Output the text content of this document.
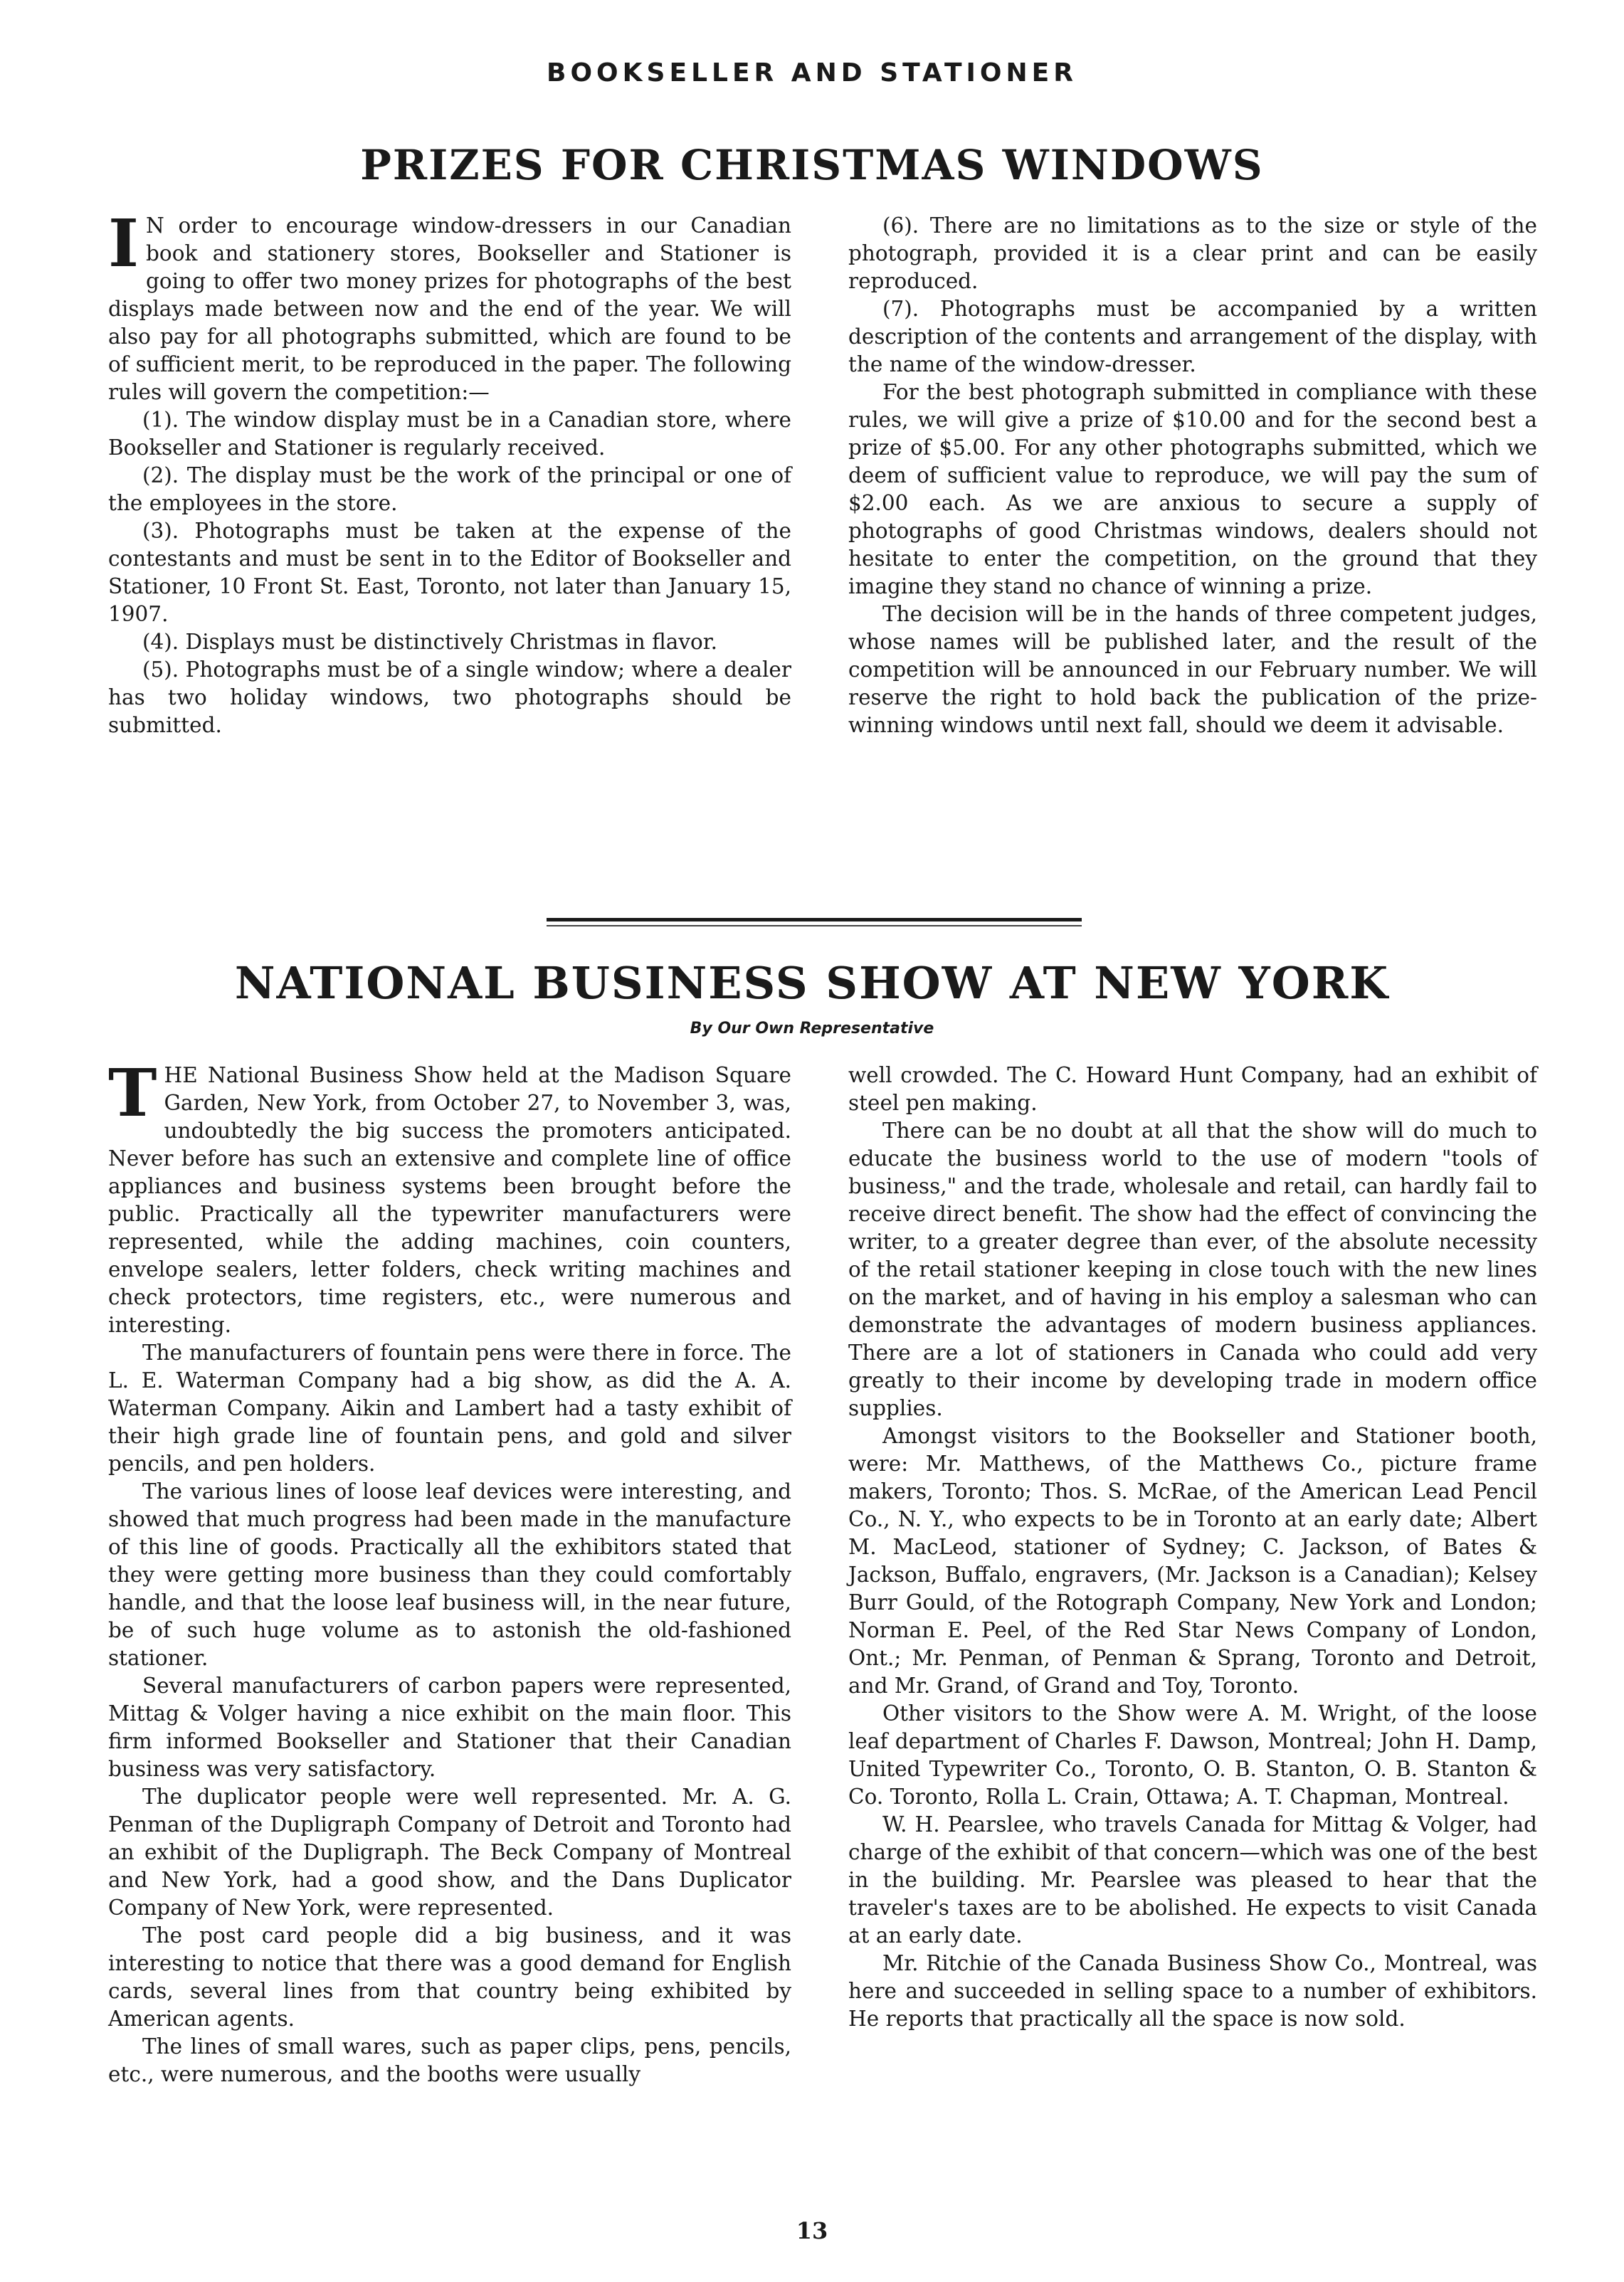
BOOKSELLER AND STATIONER
PRIZES FOR CHRISTMAS WINDOWS

IN order to encourage window-dressers in our Canadian book and stationery stores, Bookseller and Stationer is going to offer two money prizes for photographs of the best displays made between now and the end of the year. We will also pay for all photographs submitted, which are found to be of sufficient merit, to be reproduced in the paper. The following rules will govern the competition:—

(1). The window display must be in a Canadian store, where Bookseller and Stationer is regularly received.

(2). The display must be the work of the principal or one of the employees in the store.

(3). Photographs must be taken at the expense of the contestants and must be sent in to the Editor of Bookseller and Stationer, 10 Front St. East, Toronto, not later than January 15, 1907.

(4). Displays must be distinctively Christmas in flavor.

(5). Photographs must be of a single window; where a dealer has two holiday windows, two photographs should be submitted.

(6). There are no limitations as to the size or style of the photograph, provided it is a clear print and can be easily reproduced.

(7). Photographs must be accompanied by a written description of the contents and arrangement of the display, with the name of the window-dresser.

For the best photograph submitted in compliance with these rules, we will give a prize of $10.00 and for the second best a prize of $5.00. For any other photographs submitted, which we deem of sufficient value to reproduce, we will pay the sum of $2.00 each. As we are anxious to secure a supply of photographs of good Christmas windows, dealers should not hesitate to enter the competition, on the ground that they imagine they stand no chance of winning a prize.

The decision will be in the hands of three competent judges, whose names will be published later, and the result of the competition will be announced in our February number. We will reserve the right to hold back the publication of the prize-winning windows until next fall, should we deem it advisable.

NATIONAL BUSINESS SHOW AT NEW YORK
By Our Own Representative

THE National Business Show held at the Madison Square Garden, New York, from October 27, to November 3, was, undoubtedly the big success the promoters anticipated. Never before has such an extensive and complete line of office appliances and business systems been brought before the public. Practically all the typewriter manufacturers were represented, while the adding machines, coin counters, envelope sealers, letter folders, check writing machines and check protectors, time registers, etc., were numerous and interesting.

The manufacturers of fountain pens were there in force. The L. E. Waterman Company had a big show, as did the A. A. Waterman Company. Aikin and Lambert had a tasty exhibit of their high grade line of fountain pens, and gold and silver pencils, and pen holders.

The various lines of loose leaf devices were interesting, and showed that much progress had been made in the manufacture of this line of goods. Practically all the exhibitors stated that they were getting more business than they could comfortably handle, and that the loose leaf business will, in the near future, be of such huge volume as to astonish the old-fashioned stationer.

Several manufacturers of carbon papers were represented, Mittag & Volger having a nice exhibit on the main floor. This firm informed Bookseller and Stationer that their Canadian business was very satisfactory.

The duplicator people were well represented. Mr. A. G. Penman of the Dupligraph Company of Detroit and Toronto had an exhibit of the Dupligraph. The Beck Company of Montreal and New York, had a good show, and the Dans Duplicator Company of New York, were represented.

The post card people did a big business, and it was interesting to notice that there was a good demand for English cards, several lines from that country being exhibited by American agents.

The lines of small wares, such as paper clips, pens, pencils, etc., were numerous, and the booths were usually

well crowded. The C. Howard Hunt Company, had an exhibit of steel pen making.

There can be no doubt at all that the show will do much to educate the business world to the use of modern "tools of business," and the trade, wholesale and retail, can hardly fail to receive direct benefit. The show had the effect of convincing the writer, to a greater degree than ever, of the absolute necessity of the retail stationer keeping in close touch with the new lines on the market, and of having in his employ a salesman who can demonstrate the advantages of modern business appliances. There are a lot of stationers in Canada who could add very greatly to their income by developing trade in modern office supplies.

Amongst visitors to the Bookseller and Stationer booth, were: Mr. Matthews, of the Matthews Co., picture frame makers, Toronto; Thos. S. McRae, of the American Lead Pencil Co., N. Y., who expects to be in Toronto at an early date; Albert M. MacLeod, stationer of Sydney; C. Jackson, of Bates & Jackson, Buffalo, engravers, (Mr. Jackson is a Canadian); Kelsey Burr Gould, of the Rotograph Company, New York and London; Norman E. Peel, of the Red Star News Company of London, Ont.; Mr. Penman, of Penman & Sprang, Toronto and Detroit, and Mr. Grand, of Grand and Toy, Toronto.

Other visitors to the Show were A. M. Wright, of the loose leaf department of Charles F. Dawson, Montreal; John H. Damp, United Typewriter Co., Toronto, O. B. Stanton, O. B. Stanton & Co. Toronto, Rolla L. Crain, Ottawa; A. T. Chapman, Montreal.

W. H. Pearslee, who travels Canada for Mittag & Volger, had charge of the exhibit of that concern—which was one of the best in the building. Mr. Pearslee was pleased to hear that the traveler's taxes are to be abolished. He expects to visit Canada at an early date.

Mr. Ritchie of the Canada Business Show Co., Montreal, was here and succeeded in selling space to a number of exhibitors. He reports that practically all the space is now sold.

13
